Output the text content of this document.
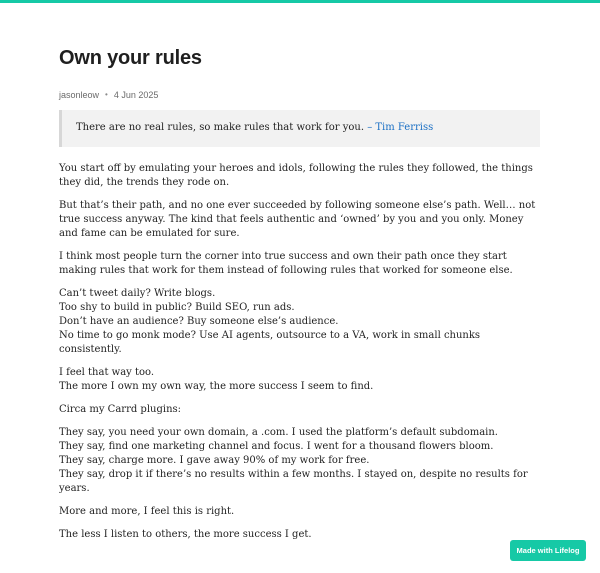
Own your rules
jasonleow • 4 Jun 2025
There are no real rules, so make rules that work for you. – Tim Ferriss

You start off by emulating your heroes and idols, following the rules they followed, the things they did, the trends they rode on.

But that’s their path, and no one ever succeeded by following someone else’s path. Well… not true success anyway. The kind that feels authentic and ‘owned’ by you and you only. Money and fame can be emulated for sure.

I think most people turn the corner into true success and own their path once they start making rules that work for them instead of following rules that worked for someone else.

Can’t tweet daily? Write blogs.
Too shy to build in public? Build SEO, run ads.
Don’t have an audience? Buy someone else’s audience.
No time to go monk mode? Use AI agents, outsource to a VA, work in small chunks consistently.

I feel that way too.
The more I own my own way, the more success I seem to find.

Circa my Carrd plugins:

They say, you need your own domain, a .com. I used the platform’s default subdomain.
They say, find one marketing channel and focus. I went for a thousand flowers bloom.
They say, charge more. I gave away 90% of my work for free.
They say, drop it if there’s no results within a few months. I stayed on, despite no results for years.

More and more, I feel this is right.

The less I listen to others, the more success I get.

Made with Lifelog
